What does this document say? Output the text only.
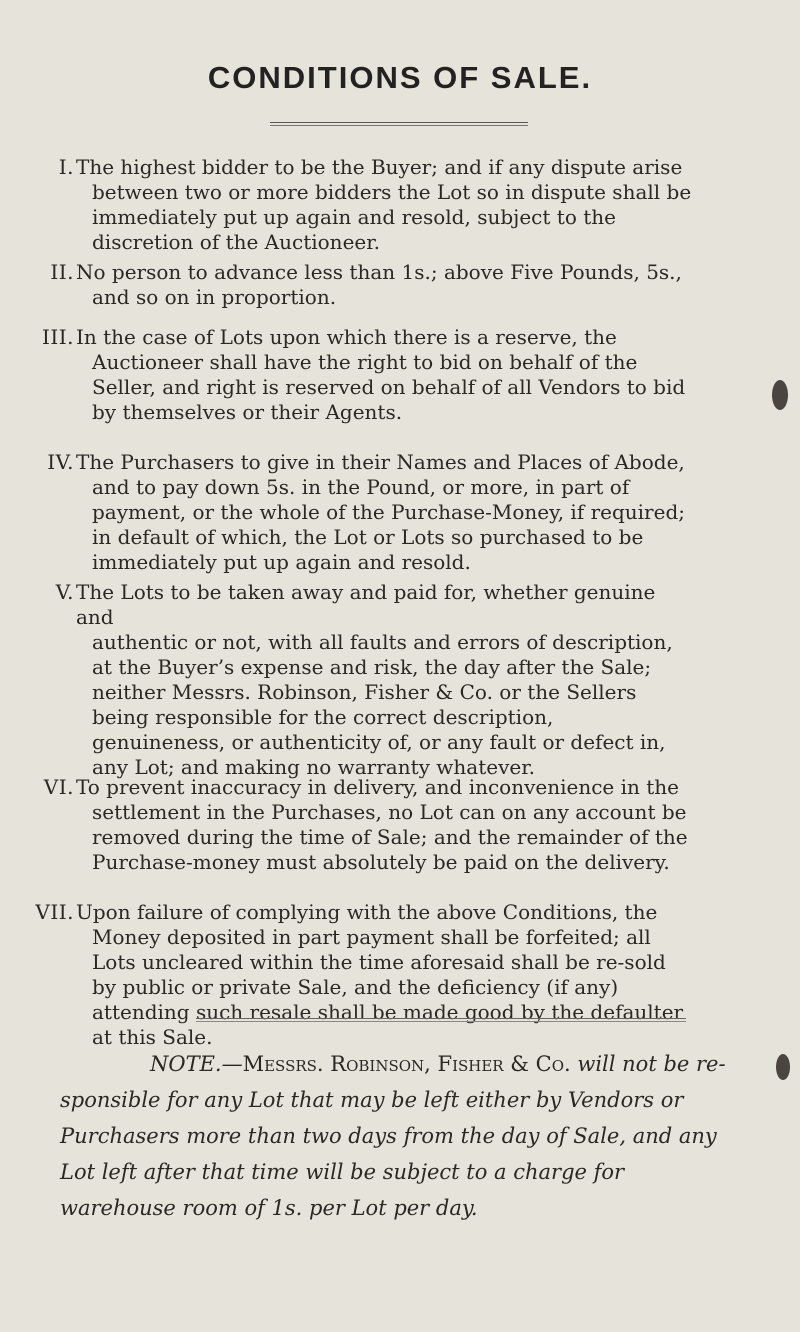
CONDITIONS OF SALE.
I. The highest bidder to be the Buyer; and if any dispute arise
between two or more bidders the Lot so in dispute shall be immediately put up again and resold, subject to the discretion of the Auctioneer.
II. No person to advance less than 1s.; above Five Pounds, 5s.,
and so on in proportion.
III. In the case of Lots upon which there is a reserve, the
Auctioneer shall have the right to bid on behalf of the Seller, and right is reserved on behalf of all Vendors to bid by themselves or their Agents.
IV. The Purchasers to give in their Names and Places of Abode,
and to pay down 5s. in the Pound, or more, in part of payment, or the whole of the Purchase-Money, if required; in default of which, the Lot or Lots so purchased to be immediately put up again and resold.
V. The Lots to be taken away and paid for, whether genuine and
authentic or not, with all faults and errors of description, at the Buyer’s expense and risk, the day after the Sale; neither Messrs. Robinson, Fisher & Co. or the Sellers being responsible for the correct description, genuineness, or authenticity of, or any fault or defect in, any Lot; and making no warranty whatever.
VI. To prevent inaccuracy in delivery, and inconvenience in the
settlement in the Purchases, no Lot can on any account be removed during the time of Sale; and the remainder of the Purchase-money must absolutely be paid on the delivery.
VII. Upon failure of complying with the above Conditions, the
Money deposited in part payment shall be forfeited; all Lots uncleared within the time aforesaid shall be re-sold by public or private Sale, and the deficiency (if any) attending such resale shall be made good by the defaulter at this Sale.
NOTE.—Messrs. Robinson, Fisher & Co. will not be re-
sponsible for any Lot that may be left either by Vendors or Purchasers more than two days from the day of Sale, and any Lot left after that time will be subject to a charge for warehouse room of 1s. per Lot per day.
